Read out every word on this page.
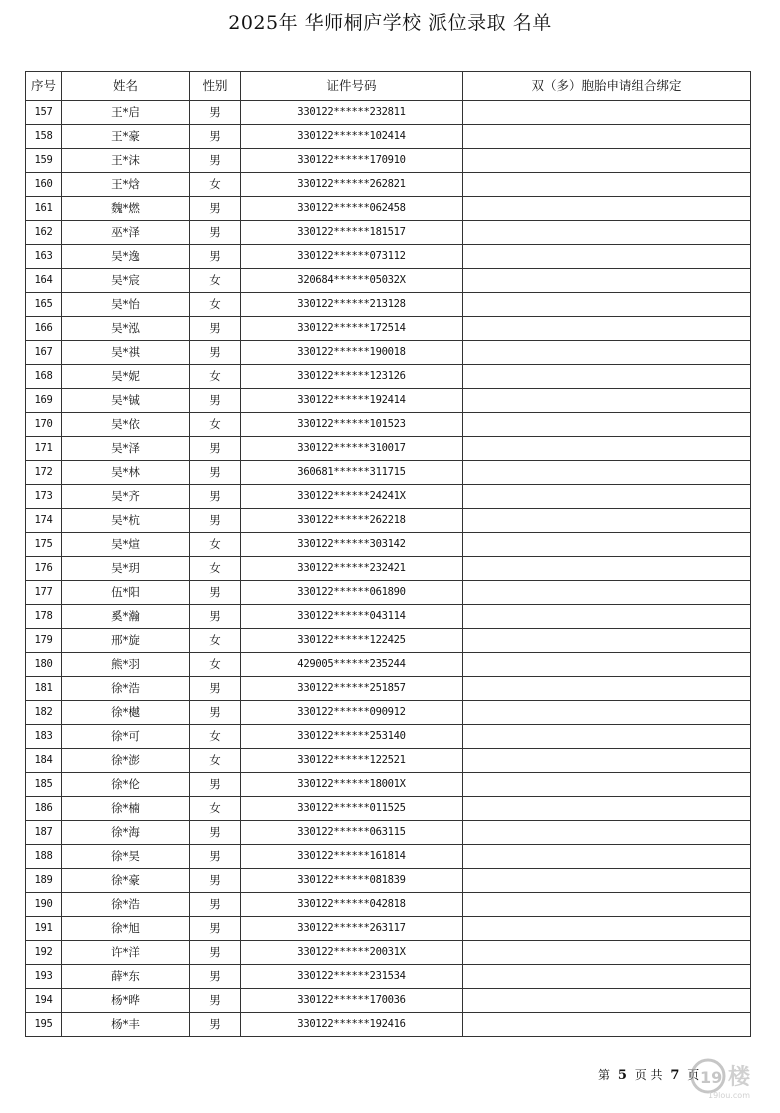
2025年 华师桐庐学校 派位录取 名单
序号	姓名	性别	证件号码	双（多）胞胎申请组合绑定
157	王*启	男	330122******232811	
158	王*豪	男	330122******102414	
159	王*沫	男	330122******170910	
160	王*焓	女	330122******262821	
161	魏*燃	男	330122******062458	
162	巫*泽	男	330122******181517	
163	吴*逸	男	330122******073112	
164	吴*宸	女	320684******05032X	
165	吴*怡	女	330122******213128	
166	吴*泓	男	330122******172514	
167	吴*祺	男	330122******190018	
168	吴*妮	女	330122******123126	
169	吴*铖	男	330122******192414	
170	吴*依	女	330122******101523	
171	吴*泽	男	330122******310017	
172	吴*林	男	360681******311715	
173	吴*齐	男	330122******24241X	
174	吴*杭	男	330122******262218	
175	吴*煊	女	330122******303142	
176	吴*玥	女	330122******232421	
177	伍*阳	男	330122******061890	
178	奚*瀚	男	330122******043114	
179	邢*旋	女	330122******122425	
180	熊*羽	女	429005******235244	
181	徐*浩	男	330122******251857	
182	徐*樾	男	330122******090912	
183	徐*可	女	330122******253140	
184	徐*澎	女	330122******122521	
185	徐*伦	男	330122******18001X	
186	徐*楠	女	330122******011525	
187	徐*海	男	330122******063115	
188	徐*昊	男	330122******161814	
189	徐*豪	男	330122******081839	
190	徐*浩	男	330122******042818	
191	徐*旭	男	330122******263117	
192	许*洋	男	330122******20031X	
193	薛*东	男	330122******231534	
194	杨*晔	男	330122******170036	
195	杨*丰	男	330122******192416	
第 5 页 共 7 页 19 楼
19lou.com
